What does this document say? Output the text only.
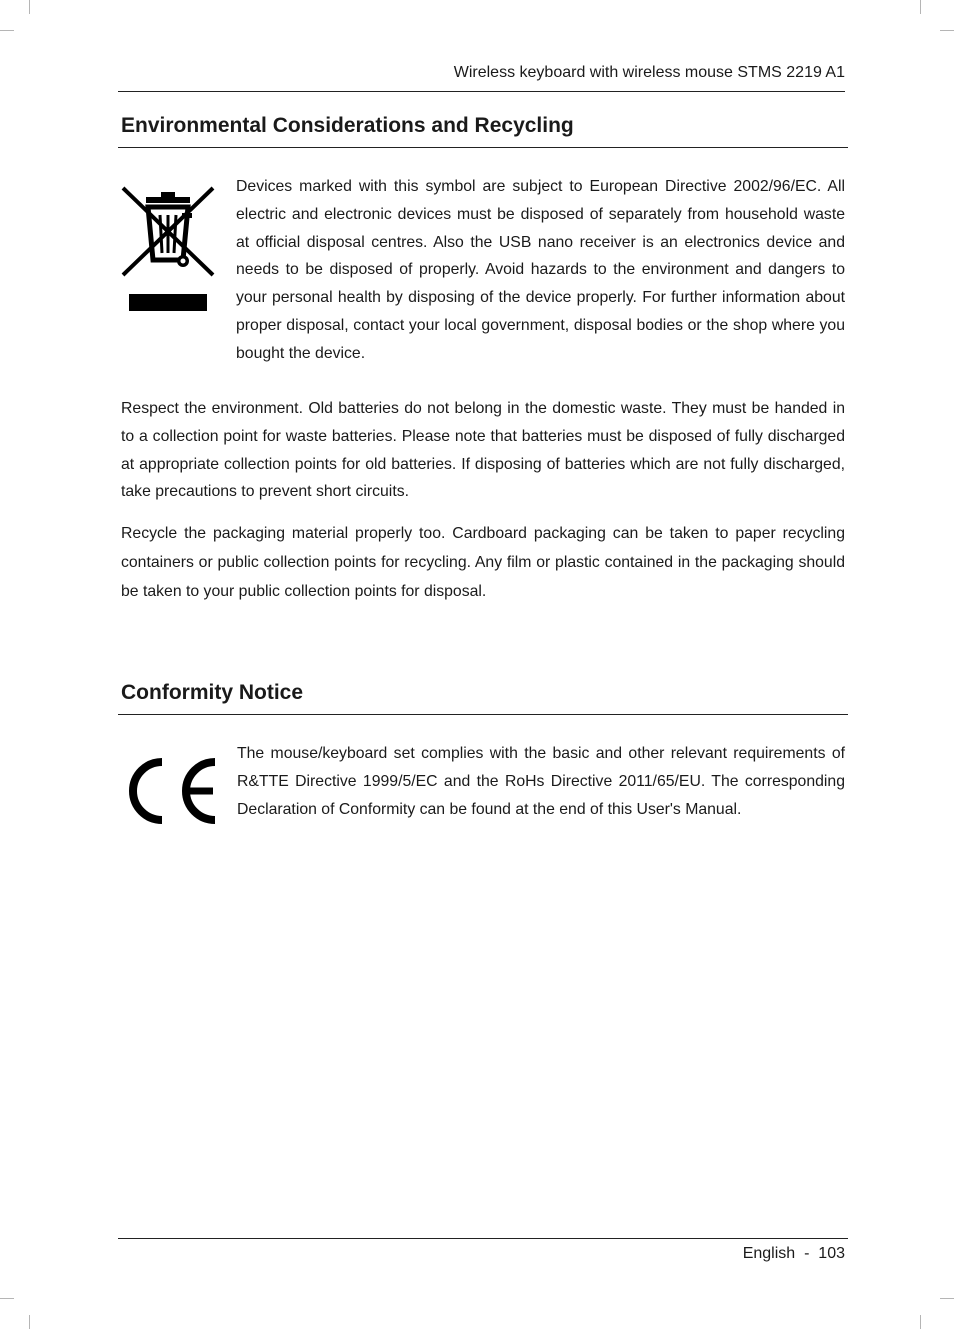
Wireless keyboard with wireless mouse STMS 2219 A1
Environmental Considerations and Recycling

Devices marked with this symbol are subject to European Directive 2002/96/EC. All electric and electronic devices must be disposed of separately from household waste at official disposal centres. Also the USB nano receiver is an electronics device and needs to be disposed of properly. Avoid hazards to the environment and dangers to your personal health by disposing of the device properly. For further information about proper disposal, contact your local government, disposal bodies or the shop where you bought the device.

Respect the environment. Old batteries do not belong in the domestic waste. They must be handed in to a collection point for waste batteries. Please note that batteries must be disposed of fully discharged at appropriate collection points for old batteries. If disposing of batteries which are not fully discharged, take precautions to prevent short circuits.

Recycle the packaging material properly too. Cardboard packaging can be taken to paper recycling containers or public collection points for recycling. Any film or plastic contained in the packaging should be taken to your public collection points for disposal.

Conformity Notice

The mouse/keyboard set complies with the basic and other relevant requirements of R&TTE Directive 1999/5/EC and the RoHs Directive 2011/65/EU. The corresponding Declaration of Conformity can be found at the end of this User's Manual.

English - 103
